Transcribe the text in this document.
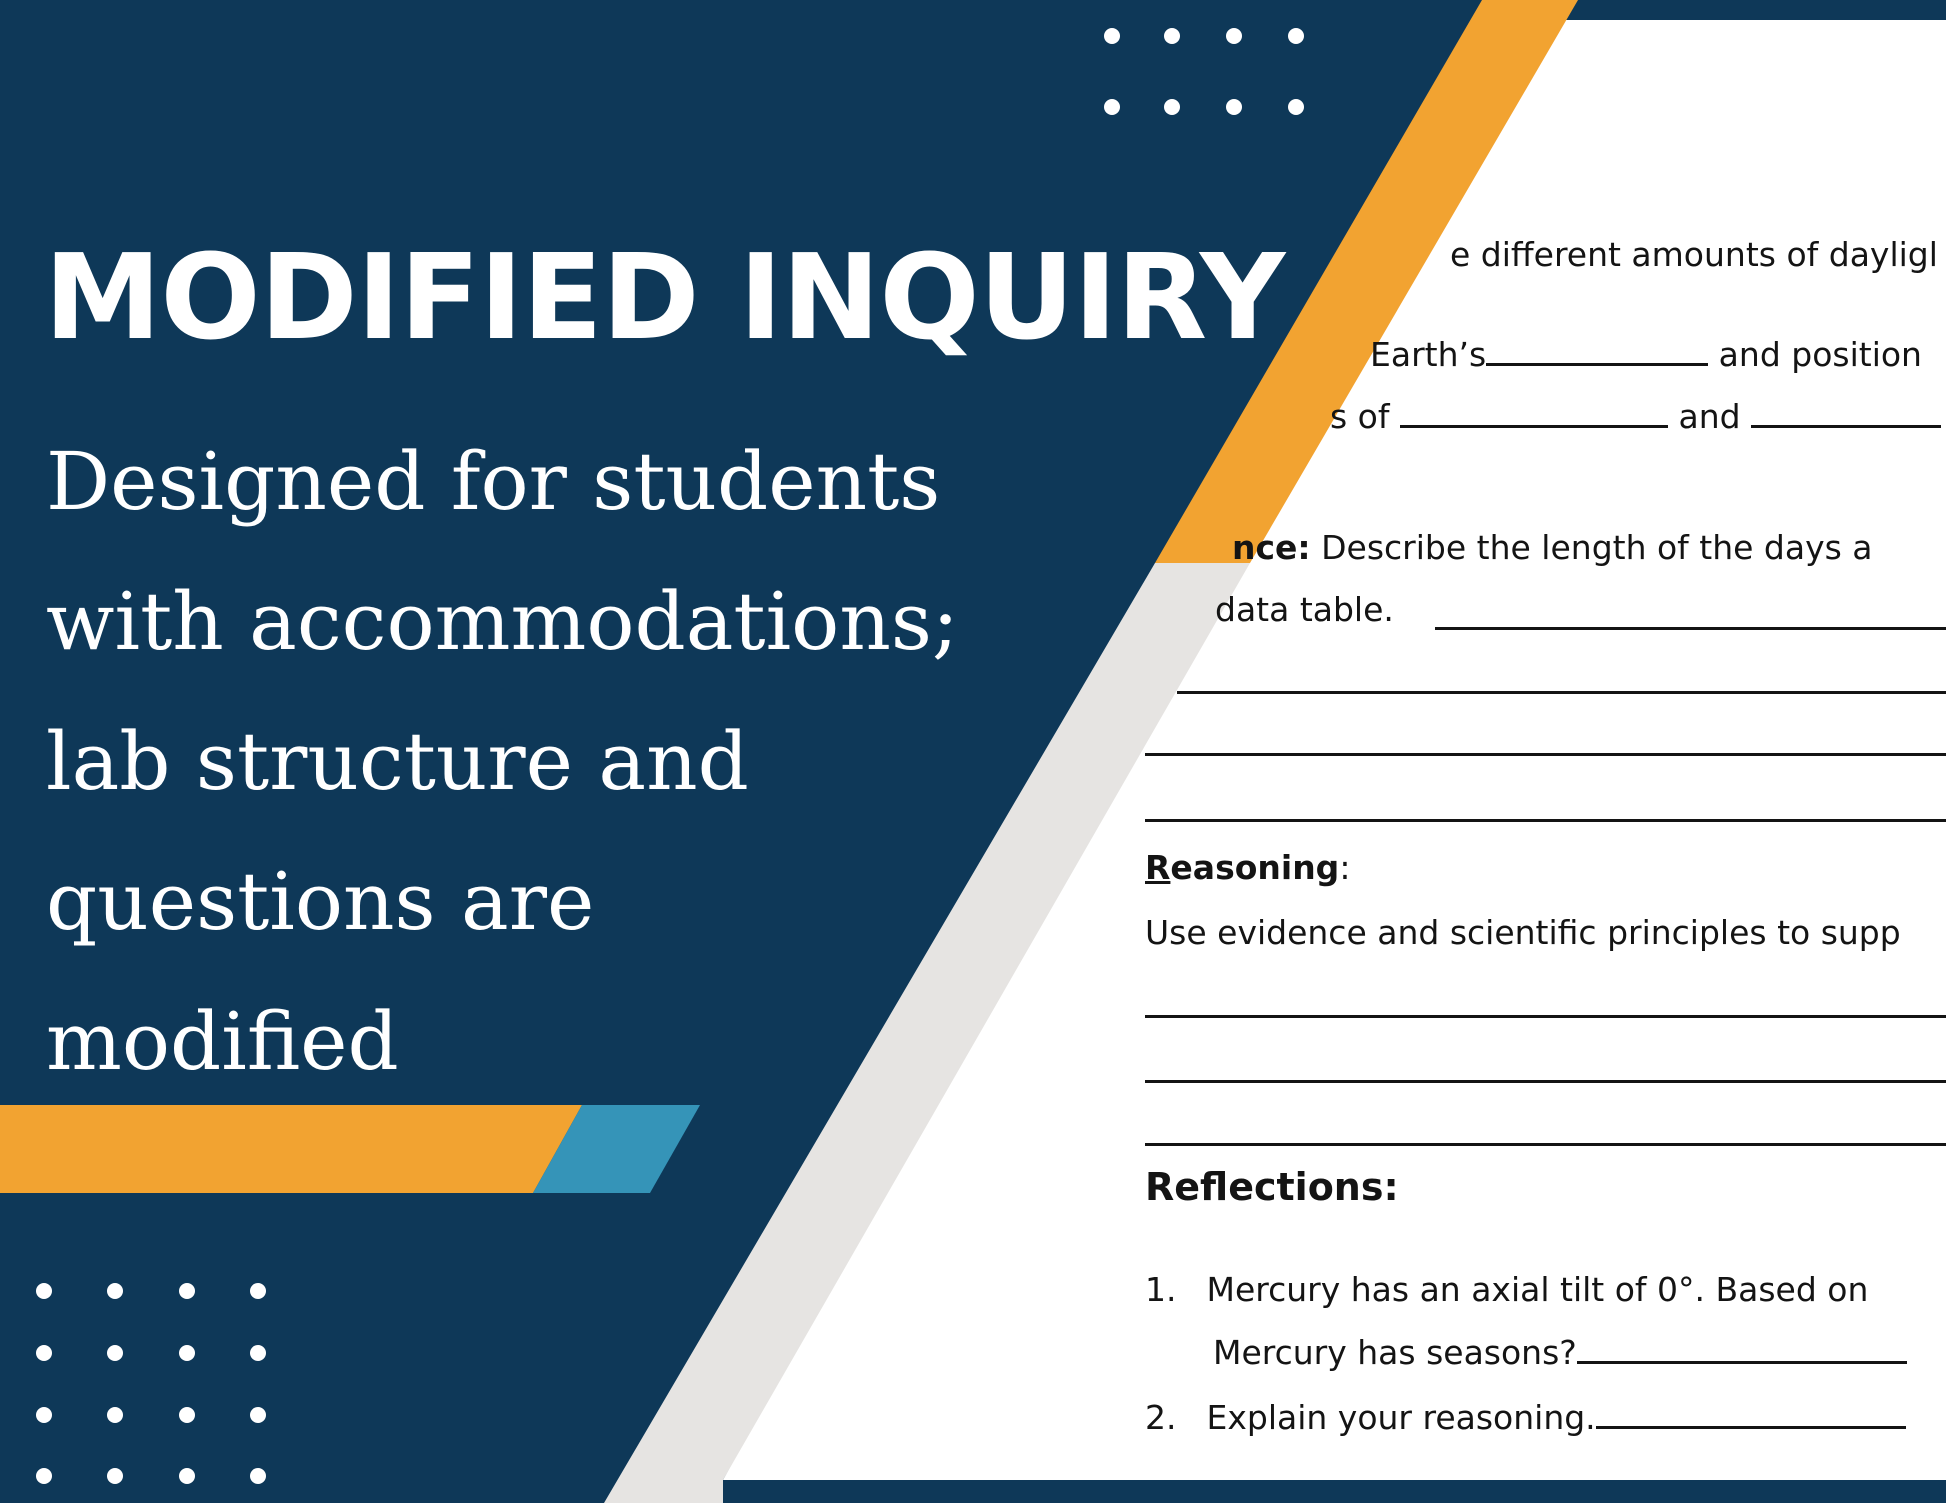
e different amounts of dayligl
Earth’s	and position
s of	and
nce: Describe the length of the days a
data table.
Reasoning:
Use evidence and scientific principles to supp
Reflections:
1. Mercury has an axial tilt of 0°. Based on
Mercury has seasons?
2. Explain your reasoning.
MODIFIED INQUIRY
Designed for students
with accommodations;
lab structure and
questions are
modified
